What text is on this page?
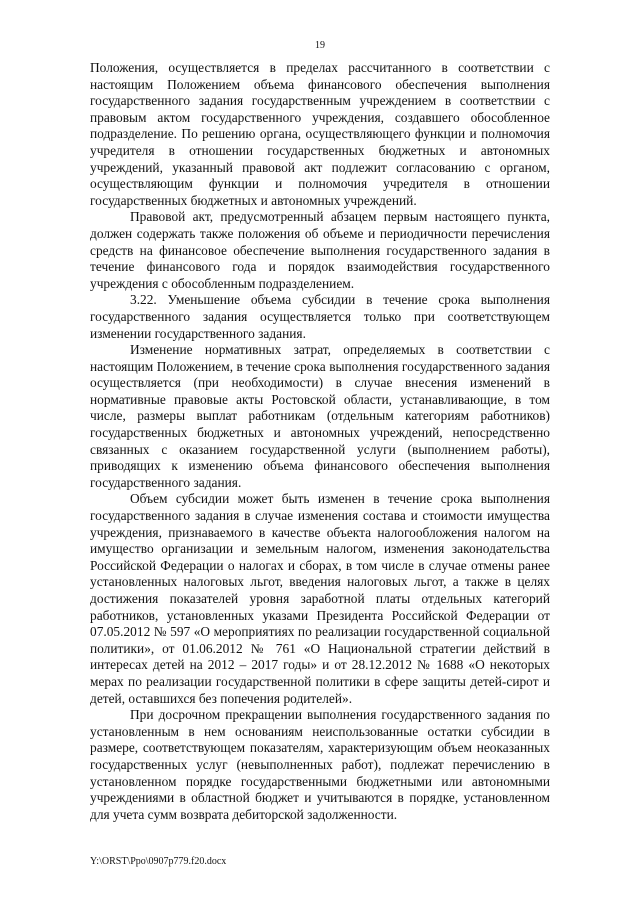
19

Положения, осуществляется в пределах рассчитанного в соответствии с настоящим Положением объема финансового обеспечения выполнения государственного задания государственным учреждением в соответствии с правовым актом государственного учреждения, создавшего обособленное подразделение. По решению органа, осуществляющего функции и полномочия учредителя в отношении государственных бюджетных и автономных учреждений, указанный правовой акт подлежит согласованию с органом, осуществляющим функции и полномочия учредителя в отношении государственных бюджетных и автономных учреждений.

Правовой акт, предусмотренный абзацем первым настоящего пункта, должен содержать также положения об объеме и периодичности перечисления средств на финансовое обеспечение выполнения государственного задания в течение финансового года и порядок взаимодействия государственного учреждения с обособленным подразделением.

3.22. Уменьшение объема субсидии в течение срока выполнения государственного задания осуществляется только при соответствующем изменении государственного задания.

Изменение нормативных затрат, определяемых в соответствии с настоящим Положением, в течение срока выполнения государственного задания осуществляется (при необходимости) в случае внесения изменений в нормативные правовые акты Ростовской области, устанавливающие, в том числе, размеры выплат работникам (отдельным категориям работников) государственных бюджетных и автономных учреждений, непосредственно связанных с оказанием государственной услуги (выполнением работы), приводящих к изменению объема финансового обеспечения выполнения государственного задания.

Объем субсидии может быть изменен в течение срока выполнения государственного задания в случае изменения состава и стоимости имущества учреждения, признаваемого в качестве объекта налогообложения налогом на имущество организации и земельным налогом, изменения законодательства Российской Федерации о налогах и сборах, в том числе в случае отмены ранее установленных налоговых льгот, введения налоговых льгот, а также в целях достижения показателей уровня заработной платы отдельных категорий работников, установленных указами Президента Российской Федерации от 07.05.2012 № 597 «О мероприятиях по реализации государственной социальной политики», от 01.06.2012 № 761 «О Национальной стратегии действий в интересах детей на 2012 – 2017 годы» и от 28.12.2012 № 1688 «О некоторых мерах по реализации государственной политики в сфере защиты детей-сирот и детей, оставшихся без попечения родителей».

При досрочном прекращении выполнения государственного задания по установленным в нем основаниям неиспользованные остатки субсидии в размере, соответствующем показателям, характеризующим объем неоказанных государственных услуг (невыполненных работ), подлежат перечислению в установленном порядке государственными бюджетными или автономными учреждениями в областной бюджет и учитываются в порядке, установленном для учета сумм возврата дебиторской задолженности.

Y:\ORST\Ppo\0907p779.f20.docx
